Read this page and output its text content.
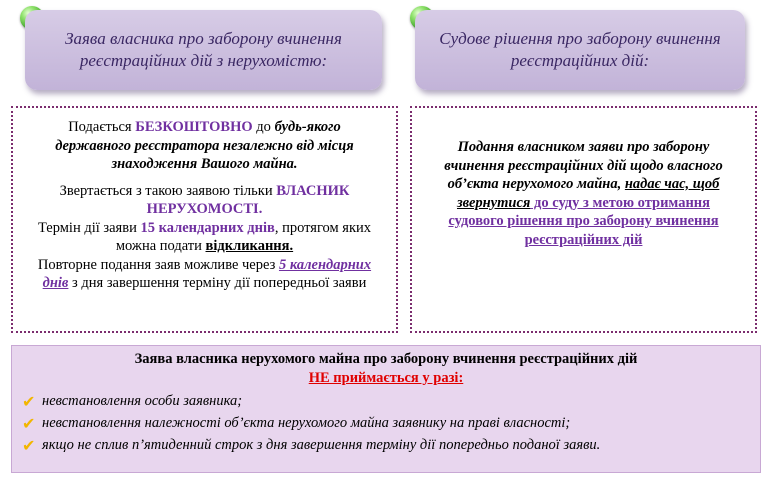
Заява власника про заборону вчинення реєстраційних дій з нерухомістю:
Судове рішення про заборону вчинення реєстраційних дій:

Подається БЕЗКОШТОВНО до будь-якого державного реєстратора незалежно від місця знаходження Вашого майна.

Звертається з такою заявою тільки ВЛАСНИК НЕРУХОМОСТІ.

Термін дії заяви 15 календарних днів, протягом яких можна подати відкликання.

Повторне подання заяв можливе через 5 календарних днів з дня завершення терміну дії попередньої заяви

Подання власником заяви про заборону вчинення реєстраційних дій щодо власного об’єкта нерухомого майна, надає час, щоб звернутися до суду з метою отримання судового рішення про заборону вчинення реєстраційних дій

Заява власника нерухомого майна про заборону вчинення реєстраційних дій
НЕ приймається у разі:
✔ невстановлення особи заявника;
✔ невстановлення належності об’єкта нерухомого майна заявнику на праві власності;
✔ якщо не сплив п’ятиденний строк з дня завершення терміну дії попередньо поданої заяви.
